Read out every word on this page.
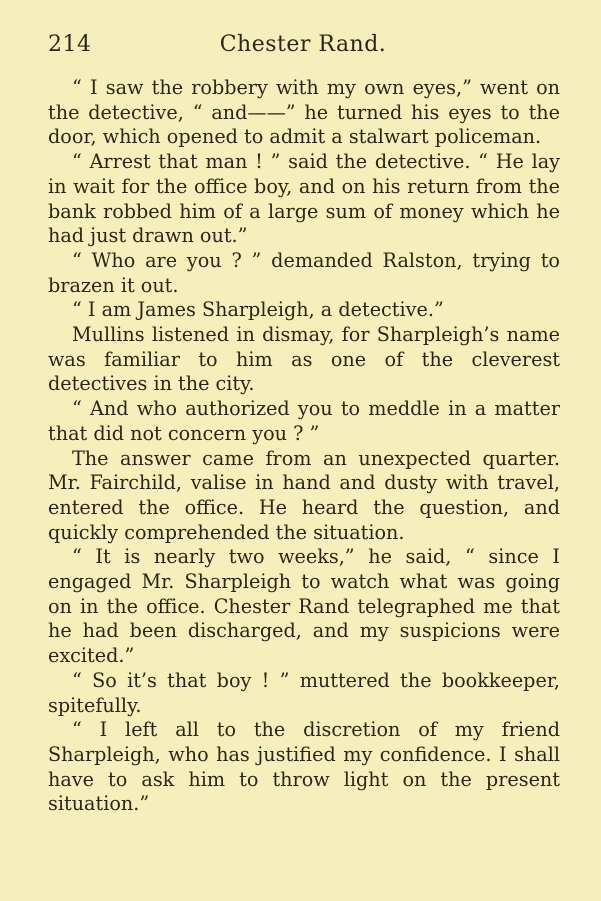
214	Chester Rand.

“ I saw the robbery with my own eyes,” went on the detective, “ and——” he turned his eyes to the door, which opened to admit a stalwart policeman.

“ Arrest that man ! ” said the detective. “ He lay in wait for the office boy, and on his return from the bank robbed him of a large sum of money which he had just drawn out.”

“ Who are you ? ” demanded Ralston, trying to brazen it out.

“ I am James Sharpleigh, a detective.”

Mullins listened in dismay, for Sharpleigh’s name was familiar to him as one of the cleverest detectives in the city.

“ And who authorized you to meddle in a matter that did not concern you ? ”

The answer came from an unexpected quarter. Mr. Fairchild, valise in hand and dusty with travel, entered the office. He heard the question, and quickly comprehended the situation.

“ It is nearly two weeks,” he said, “ since I engaged Mr. Sharpleigh to watch what was going on in the office. Chester Rand telegraphed me that he had been discharged, and my suspicions were excited.”

“ So it’s that boy ! ” muttered the bookkeeper, spitefully.

“ I left all to the discretion of my friend Sharpleigh, who has justified my confidence. I shall have to ask him to throw light on the present situation.”
